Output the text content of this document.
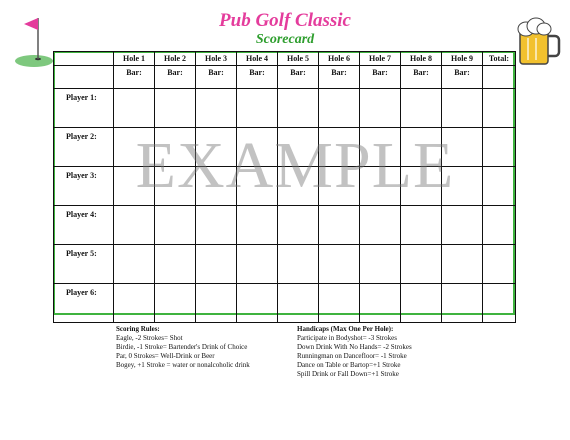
Pub Golf Classic
Scorecard
	Hole 1	Hole 2	Hole 3	Hole 4	Hole 5	Hole 6	Hole 7	Hole 8	Hole 9	Total:
	Bar:	Bar:	Bar:	Bar:	Bar:	Bar:	Bar:	Bar:	Bar:	
Player 1:										
Player 2:										
Player 3:										
Player 4:										
Player 5:										
Player 6:										
EXAMPLE
Scoring Rules:
Eagle, -2 Strokes= Shot
Birdie, -1 Stroke= Bartender's Drink of Choice
Par, 0 Strokes= Well-Drink or Beer
Bogey, +1 Stroke = water or nonalcoholic drink
Handicaps (Max One Per Hole):
Participate in Bodyshot= -3 Strokes
Down Drink With No Hands= -2 Strokes
Runningman on Dancefloor= -1 Stroke
Dance on Table or Bartop=+1 Stroke
Spill Drink or Fall Down=+1 Stroke
